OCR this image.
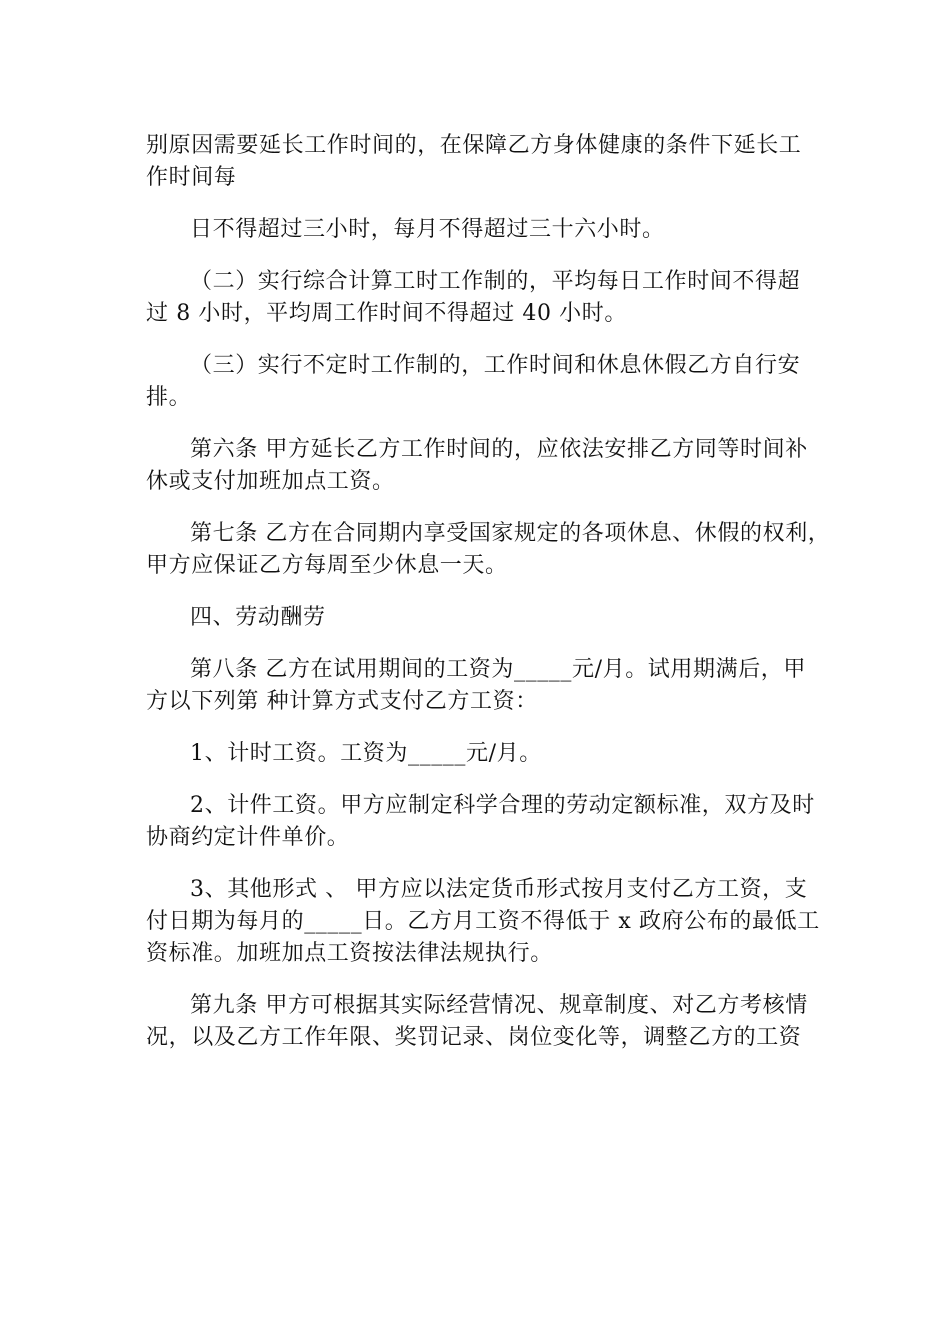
别原因需要延长工作时间的，在保障乙方身体健康的条件下延长工
作时间每
日不得超过三小时，每月不得超过三十六小时。
（二）实行综合计算工时工作制的，平均每日工作时间不得超
过 8 小时，平均周工作时间不得超过 40 小时。
（三）实行不定时工作制的，工作时间和休息休假乙方自行安
排。
第六条 甲方延长乙方工作时间的，应依法安排乙方同等时间补
休或支付加班加点工资。
第七条 乙方在合同期内享受国家规定的各项休息、休假的权利，
甲方应保证乙方每周至少休息一天。
四、劳动酬劳
第八条 乙方在试用期间的工资为_____元/月。试用期满后，甲
方以下列第 种计算方式支付乙方工资：
1、计时工资。工资为_____元/月。
2、计件工资。甲方应制定科学合理的劳动定额标准，双方及时
协商约定计件单价。
3、其他形式 、 甲方应以法定货币形式按月支付乙方工资，支
付日期为每月的_____日。乙方月工资不得低于 x 政府公布的最低工
资标准。加班加点工资按法律法规执行。
第九条 甲方可根据其实际经营情况、规章制度、对乙方考核情
况，以及乙方工作年限、奖罚记录、岗位变化等，调整乙方的工资
